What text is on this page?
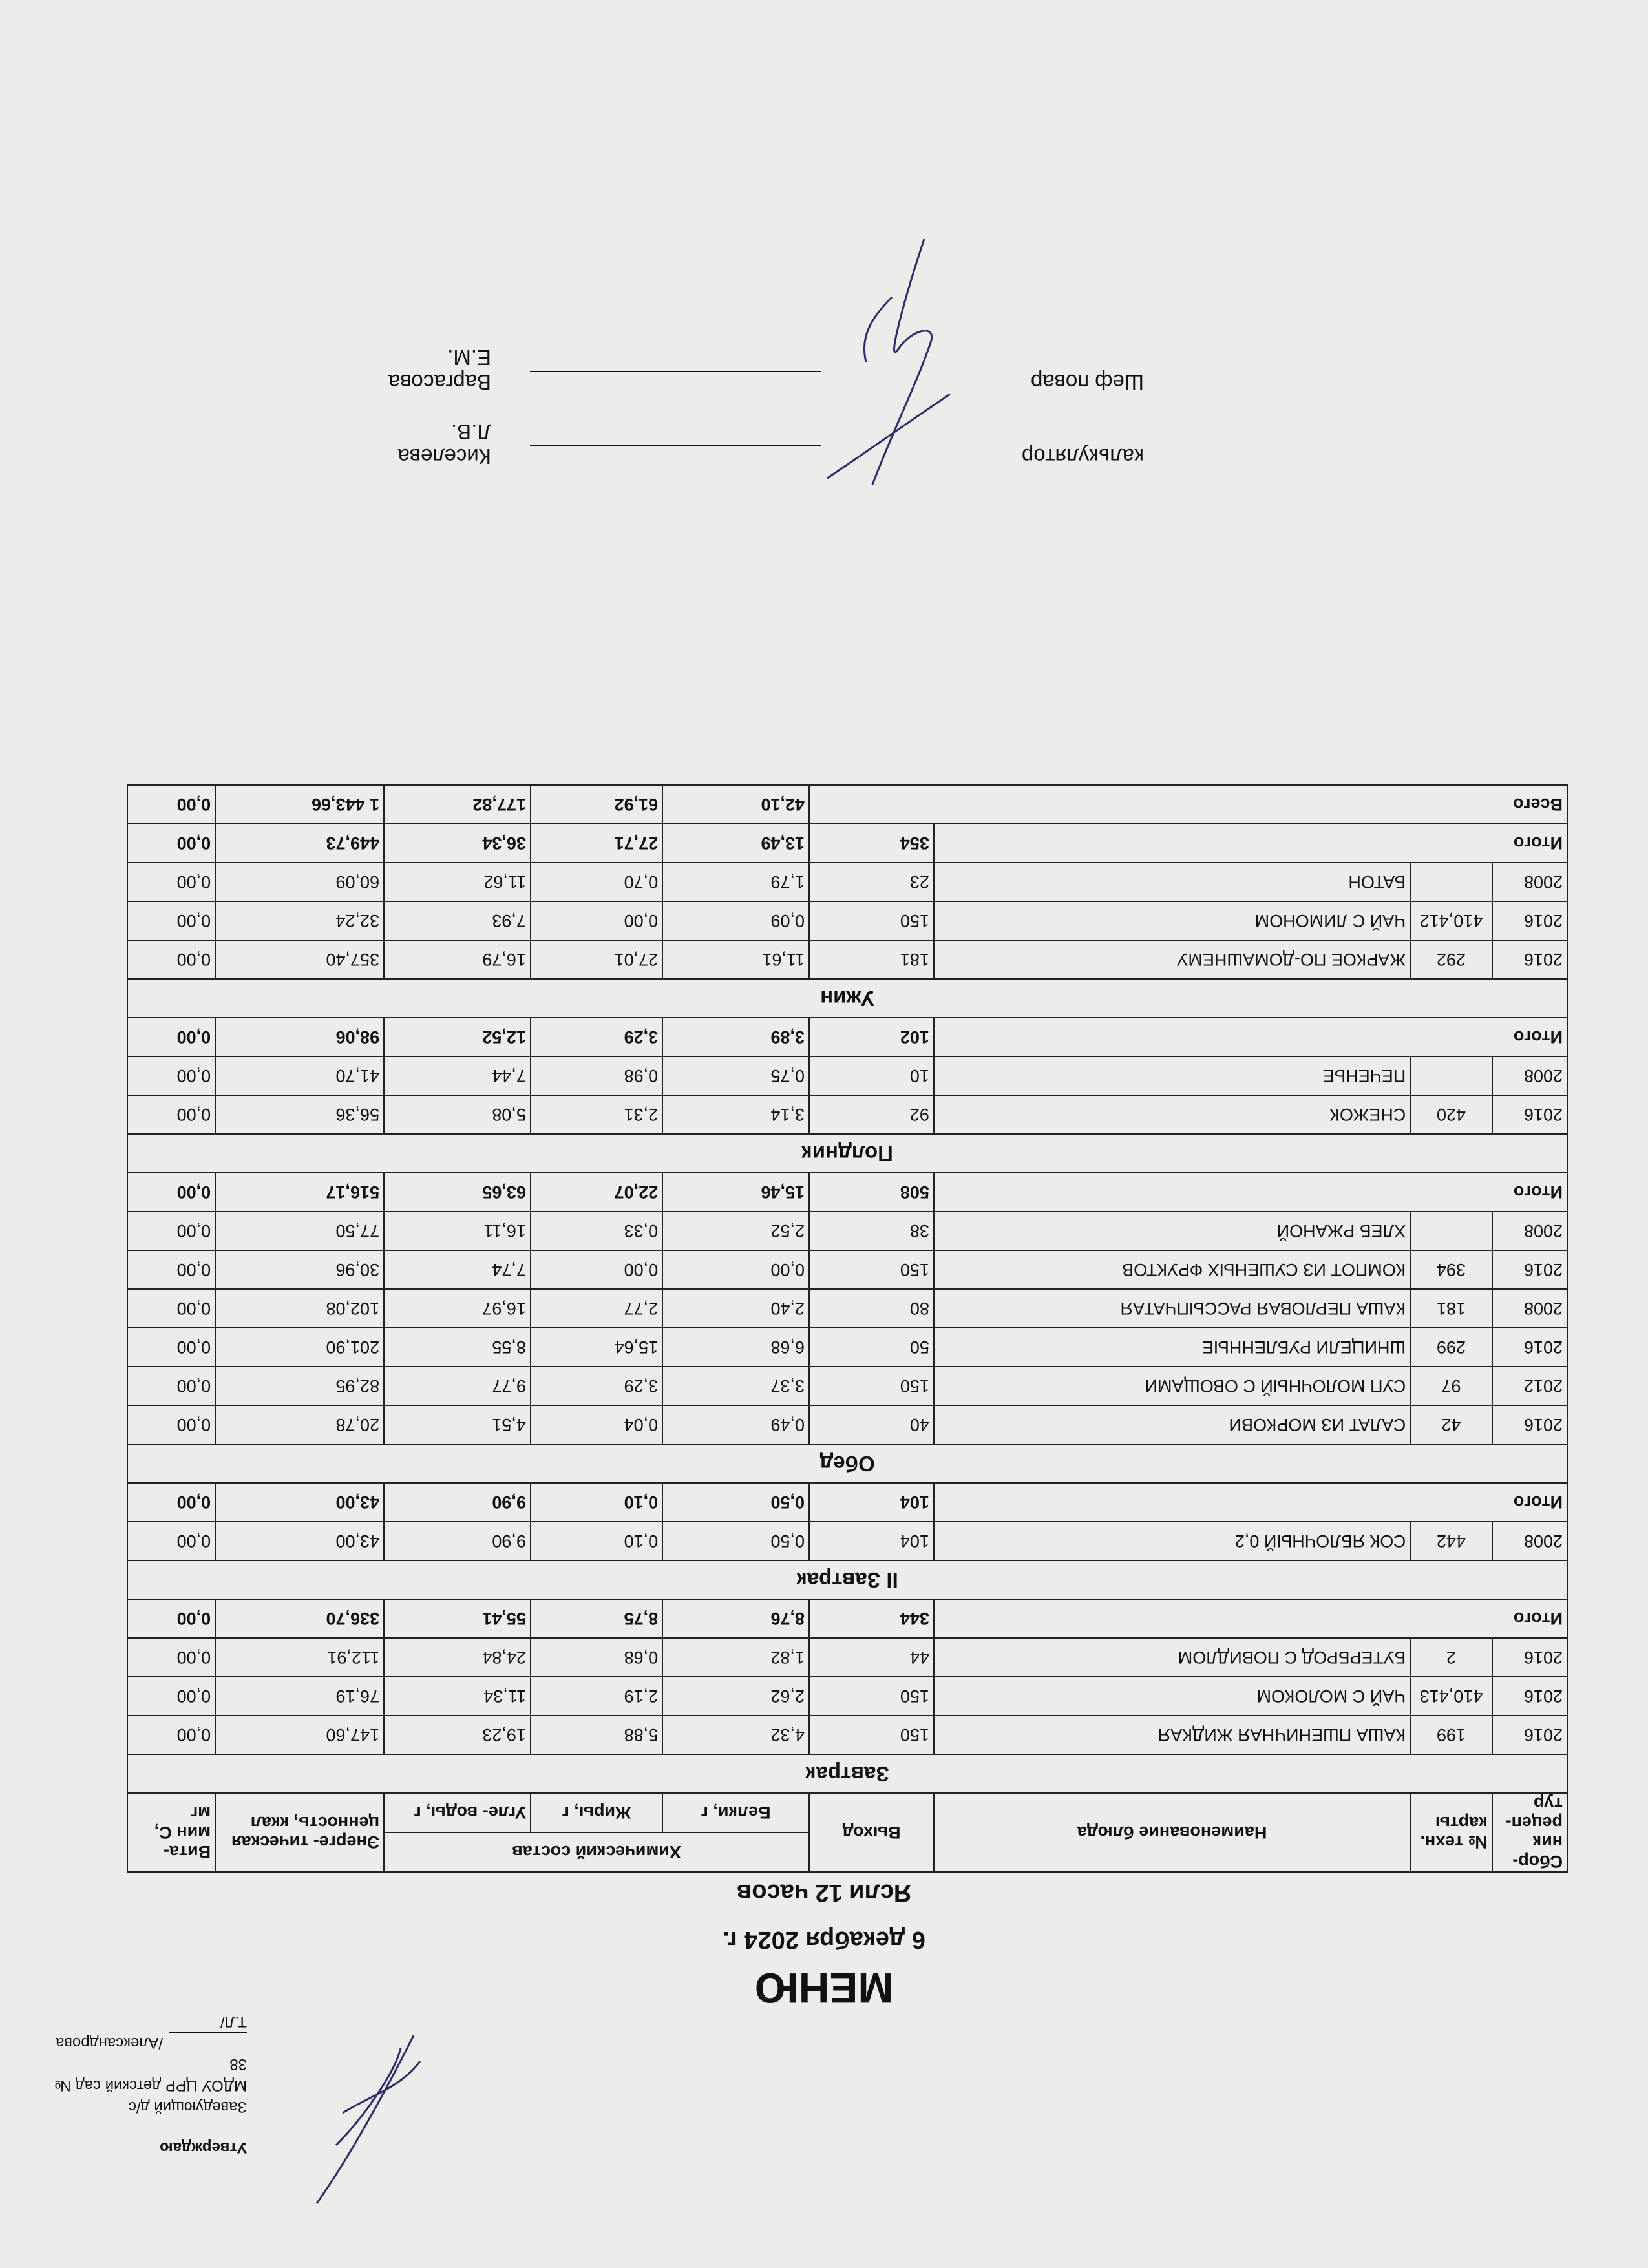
Утверждаю
Заведующий д/с
МДОУ ЦРР детский сад № 38
/Александрова Т.Л/
МЕНЮ
6 декабря 2024 г.
Ясли 12 часов
Сбор- ник рецеп- тур	№ техн. карты	Наименование блюда	Выход	Химический состав			Энерге- тическая ценность, ккал	Вита- мин С, мг
				Белки, г	Жиры, г	Угле- воды, г		
Завтрак								
2016	199	КАША ПШЕНИЧНАЯ ЖИДКАЯ	150	4,32	5,88	19,23	147,60	0,00
2016	410,413	ЧАЙ С МОЛОКОМ	150	2,62	2,19	11,34	76,19	0,00
2016	2	БУТЕРБРОД С ПОВИДЛОМ	44	1,82	0,68	24,84	112,91	0,00
Итого			344	8,76	8,75	55,41	336,70	0,00
II Завтрак								
2008	442	СОК ЯБЛОЧНЫЙ 0,2	104	0,50	0,10	9,90	43,00	0,00
Итого			104	0,50	0,10	9,90	43,00	0,00
Обед								
2016	42	САЛАТ ИЗ МОРКОВИ	40	0,49	0,04	4,51	20,78	0,00
2012	97	СУП МОЛОЧНЫЙ С ОВОЩАМИ	150	3,37	3,29	9,77	82,95	0,00
2016	299	ШНИЦЕЛИ РУБЛЕННЫЕ	50	6,68	15,64	8,55	201,90	0,00
2008	181	КАША ПЕРЛОВАЯ РАССЫПЧАТАЯ	80	2,40	2,77	16,97	102,08	0,00
2016	394	КОМПОТ ИЗ СУШЕНЫХ ФРУКТОВ	150	0,00	0,00	7,74	30,96	0,00
2008		ХЛЕБ РЖАНОЙ	38	2,52	0,33	16,11	77,50	0,00
Итого			508	15,46	22,07	63,65	516,17	0,00
Полдник								
2016	420	СНЕЖОК	92	3,14	2,31	5,08	56,36	0,00
2008		ПЕЧЕНЬЕ	10	0,75	0,98	7,44	41,70	0,00
Итого			102	3,89	3,29	12,52	98,06	0,00
Ужин								
2016	292	ЖАРКОЕ ПО-ДОМАШНЕМУ	181	11,61	27,01	16,79	357,40	0,00
2016	410,412	ЧАЙ С ЛИМОНОМ	150	0,09	0,00	7,93	32,24	0,00
2008		БАТОН	23	1,79	0,70	11,62	60,09	0,00
Итого			354	13,49	27,71	36,34	449,73	0,00
Всего				42,10	61,92	177,82	1 443,66	0,00
калькулятор
Киселева Л.В.
Шеф повар
Варгасова Е.М.
